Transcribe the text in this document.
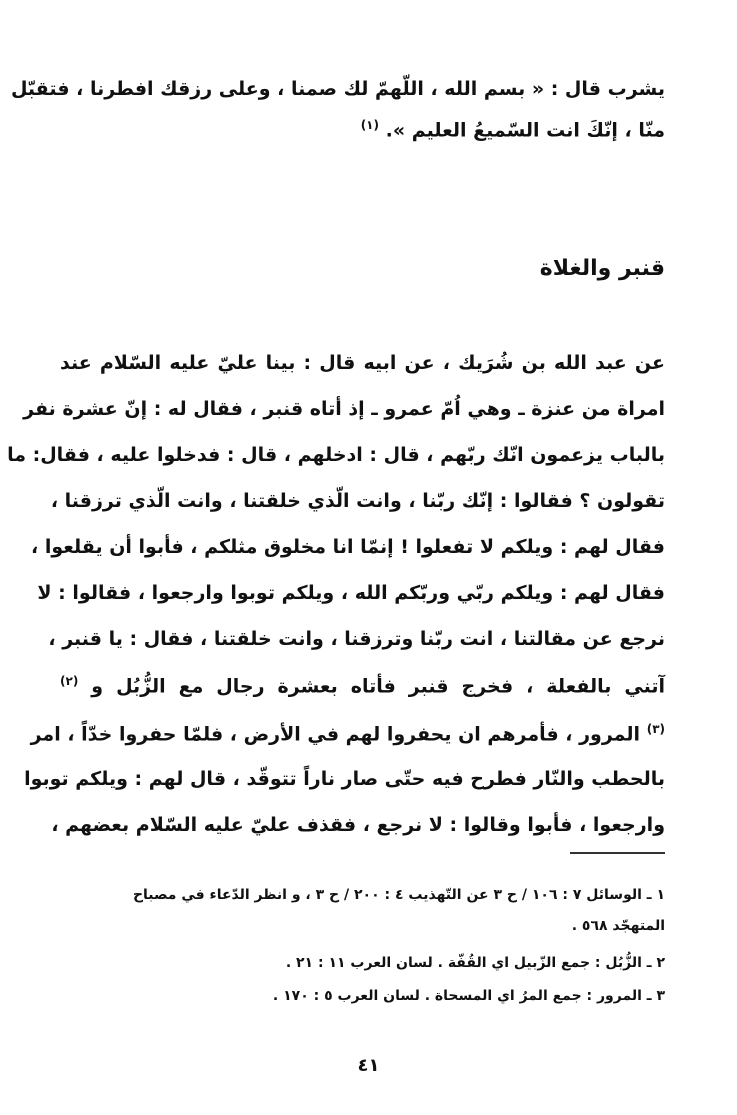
يشرب قال : « بسم الله ، اللّهمّ لك صمنا ، وعلى رزقك افطرنا ، فتقبّل
منّا ، إنّكَ انت السّميعُ العليم ». $^{(١)}$
قنبر والغلاة
عن عبد الله بن شُرَيك ، عن ابيه قال : بينا عليّ عليه السّلام عند
امراة من عنزة ـ وهي اُمّ عمرو ـ إذ أتاه قنبر ، فقال له : إنّ عشرة نفر
بالباب يزعمون انّك ربّهم ، قال : ادخلهم ، قال : فدخلوا عليه ، فقال: ما
تقولون ؟ فقالوا : إنّك ربّنا ، وانت الّذي خلقتنا ، وانت الّذي ترزقنا ،
فقال لهم : ويلكم لا تفعلوا ! إنمّا انا مخلوق مثلكم ، فأبوا أن يقلعوا ،
فقال لهم : ويلكم ربّي وربّكم الله ، ويلكم توبوا وارجعوا ، فقالوا : لا
نرجع عن مقالتنا ، انت ربّنا وترزقنا ، وانت خلقتنا ، فقال : يا قنبر ،
آتني بالفعلة ، فخرج قنبر فأتاه بعشرة رجال مع الزُّبُل و $^{(٢)}$
$^{(٣)}$ المرور ، فأمرهم ان يحفروا لهم في الأرض ، فلمّا حفروا خدّاً ، امر
بالحطب والنّار فطرح فيه حتّى صار ناراً تتوقّد ، قال لهم : ويلكم توبوا
وارجعوا ، فأبوا وقالوا : لا نرجع ، فقذف عليّ عليه السّلام بعضهم ،
١ ـ الوسائل ٧ : ١٠٦ / ح ٣ عن التّهذيب ٤ : ٢٠٠ / ح ٣ ، و انظر الدّعاء في مصباح
المتهجّد ٥٦٨ .
٢ ـ الزُّبُل : جمع الزّبيل اي القُفّة . لسان العرب ١١ : ٢١ .
٣ ـ المرور : جمع المرُ اي المسحاة . لسان العرب ٥ : ١٧٠ .
٤١
